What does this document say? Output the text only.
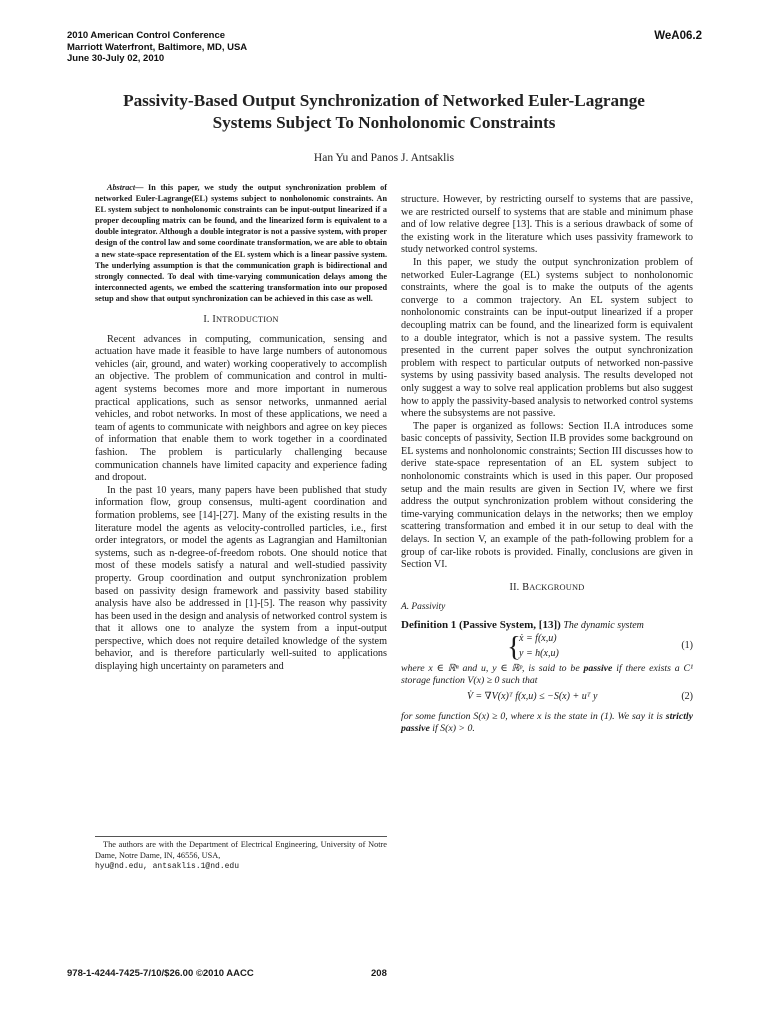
2010 American Control Conference
Marriott Waterfront, Baltimore, MD, USA
June 30-July 02, 2010
WeA06.2
Passivity-Based Output Synchronization of Networked Euler-Lagrange
Systems Subject To Nonholonomic Constraints
Han Yu and Panos J. Antsaklis

Abstract— In this paper, we study the output synchronization problem of networked Euler-Lagrange(EL) systems subject to nonholonomic constraints. An EL system subject to nonholonomic constraints can be input-output linearized if a proper decoupling matrix can be found, and the linearized form is equivalent to a double integrator. Although a double integrator is not a passive system, with proper design of the control law and some coordinate transformation, we are able to obtain a new state-space representation of the EL system which is a linear passive system. The underlying assumption is that the communication graph is bidirectional and strongly connected. To deal with time-varying communication delays among the interconnected agents, we embed the scattering transformation into our proposed setup and show that output synchronization can be achieved in this case as well.

I. INTRODUCTION

Recent advances in computing, communication, sensing and actuation have made it feasible to have large numbers of autonomous vehicles (air, ground, and water) working cooperatively to accomplish an objective. The problem of communication and control in multi-agent systems becomes more and more important in numerous practical applications, such as sensor networks, unmanned aerial vehicles, and robot networks. In most of these applications, we need a team of agents to communicate with neighbors and agree on key pieces of information that enable them to work together in a coordinated fashion. The problem is particularly challenging because communication channels have limited capacity and experience fading and dropout.

In the past 10 years, many papers have been published that study information flow, group consensus, multi-agent coordination and formation problems, see [14]-[27]. Many of the existing results in the literature model the agents as velocity-controlled particles, i.e., first order integrators, or model the agents as Lagrangian and Hamiltonian systems, such as n-degree-of-freedom robots. One should notice that most of these models satisfy a natural and well-studied passivity property. Group coordination and output synchronization problem based on passivity design framework and passivity based stability analysis have also be addressed in [1]-[5]. The reason why passivity has been used in the design and analysis of networked control system is that it allows one to analyze the system from a input-output perspective, which does not require detailed knowledge of the system behavior, and is therefore particularly well-suited to applications displaying high uncertainty on parameters and

The authors are with the Department of Electrical Engineering, University of Notre Dame, Notre Dame, IN, 46556, USA,
hyu@nd.edu, antsaklis.1@nd.edu

structure. However, by restricting ourself to systems that are passive, we are restricted ourself to systems that are stable and minimum phase and of low relative degree [13]. This is a serious drawback of some of the existing work in the literature which uses passivity framework to study networked control systems.

In this paper, we study the output synchronization problem of networked Euler-Lagrange (EL) systems subject to nonholonomic constraints, where the goal is to make the outputs of the agents converge to a common trajectory. An EL system subject to nonholonomic constraints can be input-output linearized if a proper decoupling matrix can be found, and the linearized form is equivalent to a double integrator, which is not a passive system. The results presented in the current paper solves the output synchronization problem with respect to particular outputs of networked non-passive systems by using passivity based analysis. The results developed not only suggest a way to solve real application problems but also suggest how to apply the passivity-based analysis to networked control systems where the subsystems are not passive.

The paper is organized as follows: Section II.A introduces some basic concepts of passivity, Section II.B provides some background on EL systems and nonholonomic constraints; Section III discusses how to derive state-space representation of an EL system subject to nonholonomic constraints which is used in this paper. Our proposed setup and the main results are given in Section IV, where we first address the output synchronization problem without considering the time-varying communication delays in the networks; then we employ scattering transformation and embed it in our setup to deal with the delays. In section V, an example of the path-following problem for a group of car-like robots is provided. Finally, conclusions are given in Section VI.

II. BACKGROUND
A. Passivity

Definition 1 (Passive System, [13]) The dynamic system

{
ẋ = f(x,u)
y = h(x,u)
(1)

where x ∈ ℝⁿ and u, y ∈ ℝᵖ, is said to be passive if there exists a C¹ storage function V(x) ≥ 0 such that

V̇ = ∇V(x)ᵀ f(x,u) ≤ −S(x) + uᵀ y	(2)

for some function S(x) ≥ 0, where x is the state in (1). We say it is strictly passive if S(x) > 0.

978-1-4244-7425-7/10/$26.00 ©2010 AACC	208
